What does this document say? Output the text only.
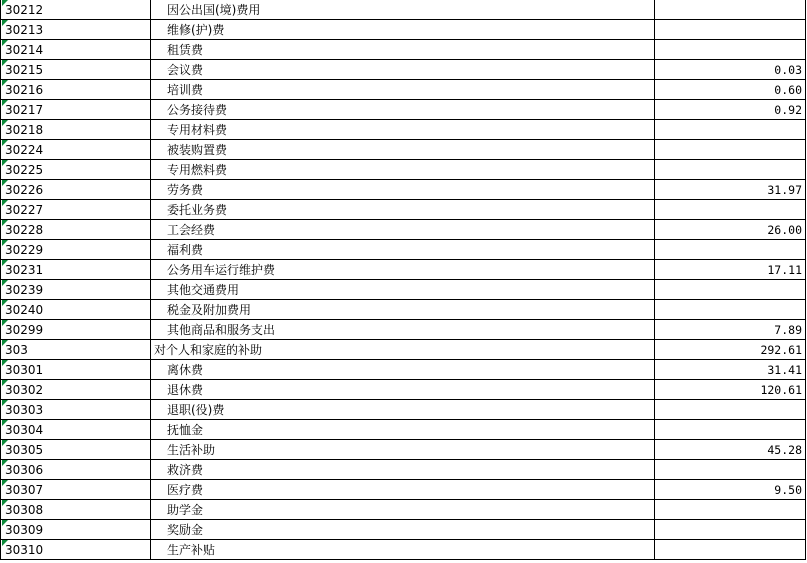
30212	因公出国(境)费用
30213	维修(护)费
30214	租赁费
30215	会议费	0.03
30216	培训费	0.60
30217	公务接待费	0.92
30218	专用材料费
30224	被装购置费
30225	专用燃料费
30226	劳务费	31.97
30227	委托业务费
30228	工会经费	26.00
30229	福利费
30231	公务用车运行维护费	17.11
30239	其他交通费用
30240	税金及附加费用
30299	其他商品和服务支出	7.89
303	对个人和家庭的补助	292.61
30301	离休费	31.41
30302	退休费	120.61
30303	退职(役)费
30304	抚恤金
30305	生活补助	45.28
30306	救济费
30307	医疗费	9.50
30308	助学金
30309	奖励金
30310	生产补贴
